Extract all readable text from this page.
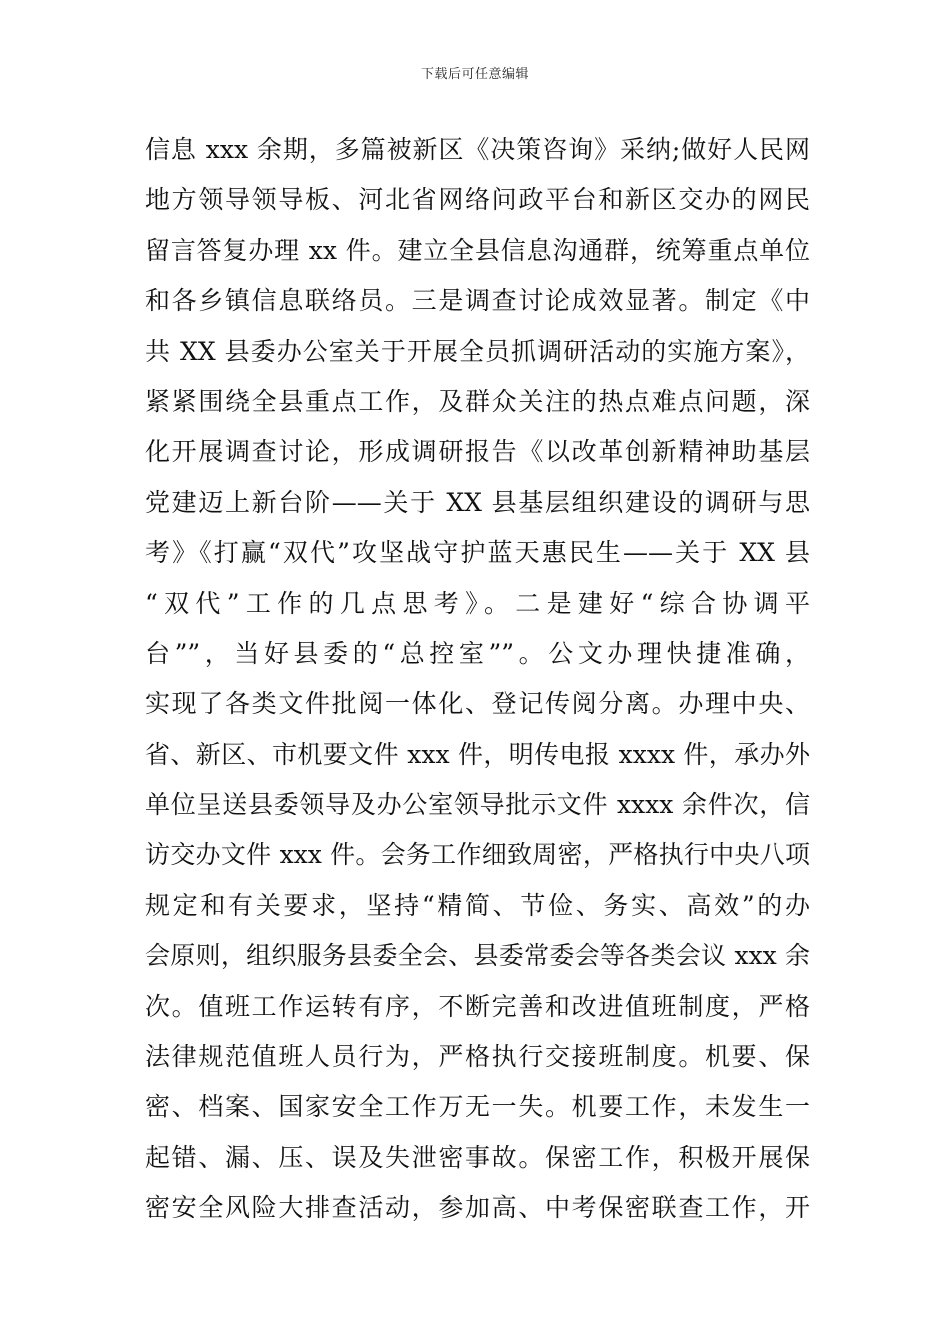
下载后可任意编辑
信息 xxx 余期，多篇被新区《决策咨询》采纳;做好人民网
地方领导领导板、河北省网络问政平台和新区交办的网民
留言答复办理 xx 件。建立全县信息沟通群，统筹重点单位
和各乡镇信息联络员。三是调查讨论成效显著。制定《中
共 XX 县委办公室关于开展全员抓调研活动的实施方案》，
紧紧围绕全县重点工作，及群众关注的热点难点问题，深
化开展调查讨论，形成调研报告《以改革创新精神助基层
党建迈上新台阶——关于 XX 县基层组织建设的调研与思
考》《打赢“双代”攻坚战守护蓝天惠民生——关于 XX 县
“双代”工作的几点思考》。二是建好“综合协调平
台””，当好县委的“总控室””。公文办理快捷准确，
实现了各类文件批阅一体化、登记传阅分离。办理中央、
省、新区、市机要文件 xxx 件，明传电报 xxxx 件，承办外
单位呈送县委领导及办公室领导批示文件 xxxx 余件次，信
访交办文件 xxx 件。会务工作细致周密，严格执行中央八项
规定和有关要求，坚持“精简、节俭、务实、高效”的办
会原则，组织服务县委全会、县委常委会等各类会议 xxx 余
次。值班工作运转有序，不断完善和改进值班制度，严格
法律规范值班人员行为，严格执行交接班制度。机要、保
密、档案、国家安全工作万无一失。机要工作，未发生一
起错、漏、压、误及失泄密事故。保密工作，积极开展保
密安全风险大排查活动，参加高、中考保密联查工作，开
